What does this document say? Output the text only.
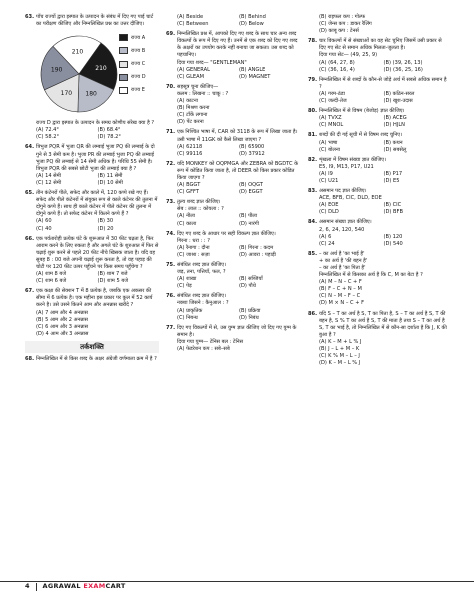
63. पाँच राज्यों द्वारा इस्पात के उत्पादन के संबंध में दिए गए पाई चार्ट का परीक्षण कीजिए और निम्नलिखित प्रश्न का उत्तर दीजिए।
210
210
180
170
190
राज्य A
राज्य B
राज्य C
राज्य D
राज्य E
राज्य D द्वारा इस्पात के उत्पादन के समग्र कोणीय संरेख क्या है ?
(A) 72.4°	(B) 68.4°
(C) 58.2°	(D) 78.2°
64. त्रिभुज PQR में भुजा QR की लम्बाई भुजा PQ की लम्बाई के दो गुने से 3 सेमी कम है। भुजा PR की लम्बाई भुजा PQ की लम्बाई भुजा PQ की लम्बाई से 14 सेमी अधिक है। परिधि 55 सेमी है। त्रिभुज PQR की सबसे छोटी भुजा की लम्बाई क्या है ?
(A) 14 सेमी	(B) 11 सेमी
(C) 12 सेमी	(D) 10 सेमी
65. तीन कंटेनरों पीले, सफेद और काले में, 120 कप्पे रखे गए हैं। सफेद और पीले कंटेनरों में संयुक्त रूप से काले कंटेनर की तुलना में दोगुने कप्पे हैं। साथ ही काले कंटेनर में पीले कंटेनर की तुलना में दोगुने कप्पे हैं। तो सफेद कंटेनर में कितने कप्पे हैं ?
(A) 60	(B) 30
(C) 40	(D) 20
66. एक पर्वतारोही प्रत्येक घंटे के शुरूआत में 30 फीट चढ़ता है, फिर आराम करने के लिए रुकता है और अगले घंटे के शुरुआत में फिर से चढ़ाई शुरू करने से पहले 20 फीट नीचे खिसक जाता है। यदि वह सुबह 8 : 00 बजे अपनी चढ़ाई शुरू करता है, तो वह पहाड़ की चोटी पर 120 फीट उत्पर पहुँचने पर किस समय पहुँचेगा ?
(A) शाम 8 बजे	(B) शाम 7 बजे
(C) शाम 6 बजे	(D) शाम 5 बजे
67. एक कक्षा की सेक्शन T में 8 प्रत्येक है, जबकि एक अकसर की सीमा में 6 प्रत्येक है। एक महीना इस प्रकार पर कुल में 52 कार्य करने है। उसे उसने कितने आम और अनन्नास खरीदे ?
(A) 7 आम और 4 अनन्नास
(B) 5 आम और 2 अनन्नास
(C) 6 आम और 3 अनन्नास
(D) 4 आम और 3 अनन्नास
तर्कशक्ति
68. निम्नलिखित में से किस शब्द के अक्षर अंग्रेजी वर्णमाला क्रम में है ?
(A) Beside	(B) Behind
(C) Between	(D) Below
69. निम्नलिखित प्रश्न में, आपको दिए गए शब्द के साथ चार अन्य शब्द विकल्पों के रूप में दिए गए हैं। उनमें से एक शब्द को दिए गए शब्द के अक्षरों का उपयोग करके नहीं बनाया जा सकता। उस शब्द को पहचानिए।
दिया गया शब्द— "GENTLEMAN"
(A) GENERAL	(B) ANGLE
(C) GLEAM	(D) MAGNET
70. सहसूत्र चुना कीजिए—
कलम : लिखना :: चाकू : ?
(A) काटना
(B) मिश्रण करना
(C) टाँकें लगाना
(D) पेंट करना
71. एक निश्चित भाषा में, CAR को 3118 के रूप में लिखा जाता है। उसी भाषा में 11GK को कैसे लिखा जाएगा ?
(A) 62118	(B) 65900
(C) 99116	(D) 37912
72. यदि MONKEY को OQPMGA और ZEBRA को BGDTC के रूप में कोडित किया जाता है, तो DEER को किस प्रकार कोडित किया जाएगा ?
(A) BGGT	(B) OQGT
(C) GFFT	(D) EGGT
73. तुल्य शब्द ज्ञात कीजिए।
सेब : लाल :: कोयला : ?
(A) नीला	(B) पीला
(C) काला	(D) नारंगी
74. दिए गए शब्द के आधार पर सही विकल्प ज्ञात कीजिए।
गिरना : धरा : : ?
(A) रैनागा : दौना	(B) गिरना : कदम
(C) जाश्रा : सज़ा	(D) आवरा : पहाड़ी
75. संबंधित शब्द ज्ञात कीजिए।
जड़, तना, पत्तियाँ, फल, ?
(A) शाखा	(B) सब्जियाँ
(C) पेड़	(D) पौधे
76. संबंधित शब्द ज्ञात कीजिए।
नक्शा जिसने : कैनुआल : ?
(A) प्राकृतिक	(B) प्रक्रिया
(C) निबन्ध	(D) निबंध
77. दिए गए विकल्पों में से, उस युग्म ज्ञात कीजिए जो दिए गए युग्म के समान है।
दिया गया युग्म— टेनिस बल : टेनिस
(A) फेडरेशन कप : सबे–सबे
(B) राइफल कप : गोल्फ
(C) जेन्स कप : डाकर रैलिंग
(D) काबू कप : टेनर्स
78. चार विकल्पों में से संख्याओं का वह सेट चुनिए जिसमें उसी प्रकार से दिए गए सेट से समान अधिक मिलता-जुलता है।
दिया गया सेट— (49, 25, 9)
(A) (64, 27, 8)	(B) (39, 26, 13)
(C) (36, 16, 4)	(D) (36, 25, 16)
79. निम्नलिखित में से शब्दों के कौन-से जोड़े अर्थ में सबसे अधिक समान है ?
(A) गरम-ठंडा	(B) कठिन-सरल
(C) जल्दी-तेज	(D) खुश-उदास
80. निम्नलिखित में से विषम (बेजोड़) ज्ञात कीजिए।
(A) TVXZ	(B) ACEG
(C) MNOL	(D) HJLN
81. शब्दों की दी गई सूची में से विषम शब्द चुनिए।
(A) भाषा	(B) कथन
(C) बोलना	(D) सबसेलू
82. शृंखला में विषम संख्या ज्ञात कीजिए।
E5, I9, M13, P17, U21
(A) I9	(B) P17
(C) U21	(D) E5
83. असमान पद ज्ञात कीजिए।
ACE, BFB, CIC, DLD, EOE
(A) EOE	(B) CIC
(C) DLD	(D) BFB
84. असमान संख्या ज्ञात कीजिए।
2, 6, 24, 120, 540
(A) 6	(B) 120
(C) 24	(D) 540
85. – का अर्थ है 'का भाई है'
+ का अर्थ है 'की बहन है'
– का अर्थ है 'का पिता है'
निम्नलिखित में से किसका अर्थ है कि C, M का बेटा है ?
(A) M – N – C + F
(B) F – C + N – M
(C) N – M – F – C
(D) M × N – C + F
86. यदि S – T का अर्थ है S, T का पिता है, S – T का अर्थ है S, T की बहन है, S % T का अर्थ है S, T की माता है तथा S – T का अर्थ है S, T का भाई है, तो निम्नलिखित में से कौन-सा दर्शाता है कि J, K की बुआ है ?
(A) K – M + L % J
(B) J – L + M – K
(C) K % M – L – J
(D) K – M – L % J
4 AGRAWAL EXAMCART
